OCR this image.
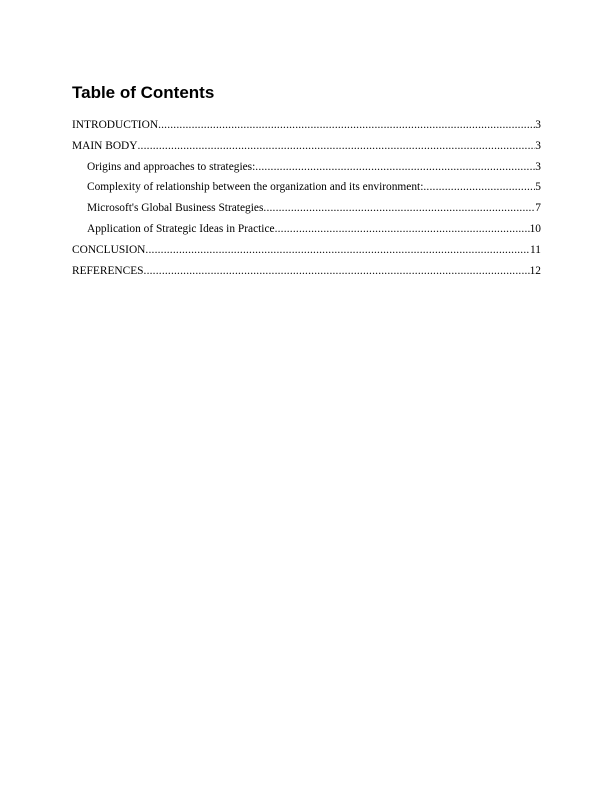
Table of Contents
INTRODUCTION .....	3
MAIN BODY .....	3
Origins and approaches to strategies: .....	3
Complexity of relationship between the organization and its environment: .....	5
Microsoft's Global Business Strategies .....	7
Application of Strategic Ideas in Practice .....	10
CONCLUSION .....	11
REFERENCES .....	12
